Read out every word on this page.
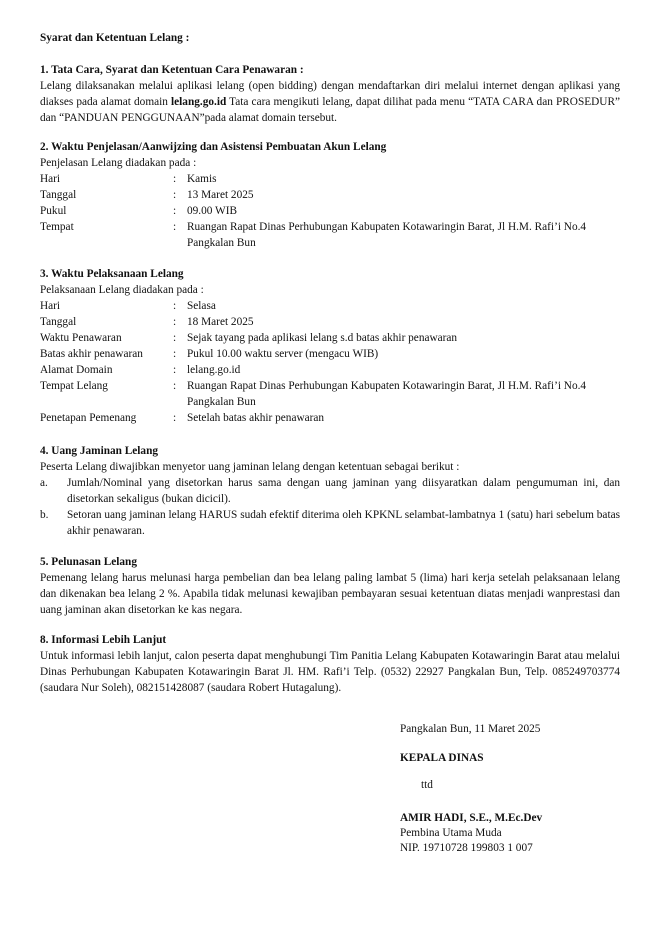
Syarat dan Ketentuan Lelang :
1. Tata Cara, Syarat dan Ketentuan Cara Penawaran :
Lelang dilaksanakan melalui aplikasi lelang (open bidding) dengan mendaftarkan diri melalui internet dengan aplikasi yang diakses pada alamat domain lelang.go.id Tata cara mengikuti lelang, dapat dilihat pada menu “TATA CARA dan PROSEDUR” dan “PANDUAN PENGGUNAAN”pada alamat domain tersebut.
2. Waktu Penjelasan/Aanwijzing dan Asistensi Pembuatan Akun Lelang
Penjelasan Lelang diadakan pada :
Hari	: Kamis
Tanggal	: 13 Maret 2025
Pukul	: 09.00 WIB
Tempat	: Ruangan Rapat Dinas Perhubungan Kabupaten Kotawaringin Barat, Jl H.M. Rafi’i No.4 Pangkalan Bun
3. Waktu Pelaksanaan Lelang
Pelaksanaan Lelang diadakan pada :
Hari	: Selasa
Tanggal	: 18 Maret 2025
Waktu Penawaran	: Sejak tayang pada aplikasi lelang s.d batas akhir penawaran
Batas akhir penawaran	: Pukul 10.00 waktu server (mengacu WIB)
Alamat Domain	: lelang.go.id
Tempat Lelang	: Ruangan Rapat Dinas Perhubungan Kabupaten Kotawaringin Barat, Jl H.M. Rafi’i No.4 Pangkalan Bun
Penetapan Pemenang	: Setelah batas akhir penawaran
4. Uang Jaminan Lelang
Peserta Lelang diwajibkan menyetor uang jaminan lelang dengan ketentuan sebagai berikut :
a. Jumlah/Nominal yang disetorkan harus sama dengan uang jaminan yang diisyaratkan dalam pengumuman ini, dan disetorkan sekaligus (bukan dicicil).
b. Setoran uang jaminan lelang HARUS sudah efektif diterima oleh KPKNL selambat-lambatnya 1 (satu) hari sebelum batas akhir penawaran.
5. Pelunasan Lelang
Pemenang lelang harus melunasi harga pembelian dan bea lelang paling lambat 5 (lima) hari kerja setelah pelaksanaan lelang dan dikenakan bea lelang 2 %. Apabila tidak melunasi kewajiban pembayaran sesuai ketentuan diatas menjadi wanprestasi dan uang jaminan akan disetorkan ke kas negara.
8. Informasi Lebih Lanjut
Untuk informasi lebih lanjut, calon peserta dapat menghubungi Tim Panitia Lelang Kabupaten Kotawaringin Barat atau melalui Dinas Perhubungan Kabupaten Kotawaringin Barat Jl. HM. Rafi’i Telp. (0532) 22927 Pangkalan Bun, Telp. 085249703774 (saudara Nur Soleh), 082151428087 (saudara Robert Hutagalung).
Pangkalan Bun, 11 Maret 2025
KEPALA DINAS
ttd
AMIR HADI, S.E., M.Ec.Dev
Pembina Utama Muda
NIP. 19710728 199803 1 007
